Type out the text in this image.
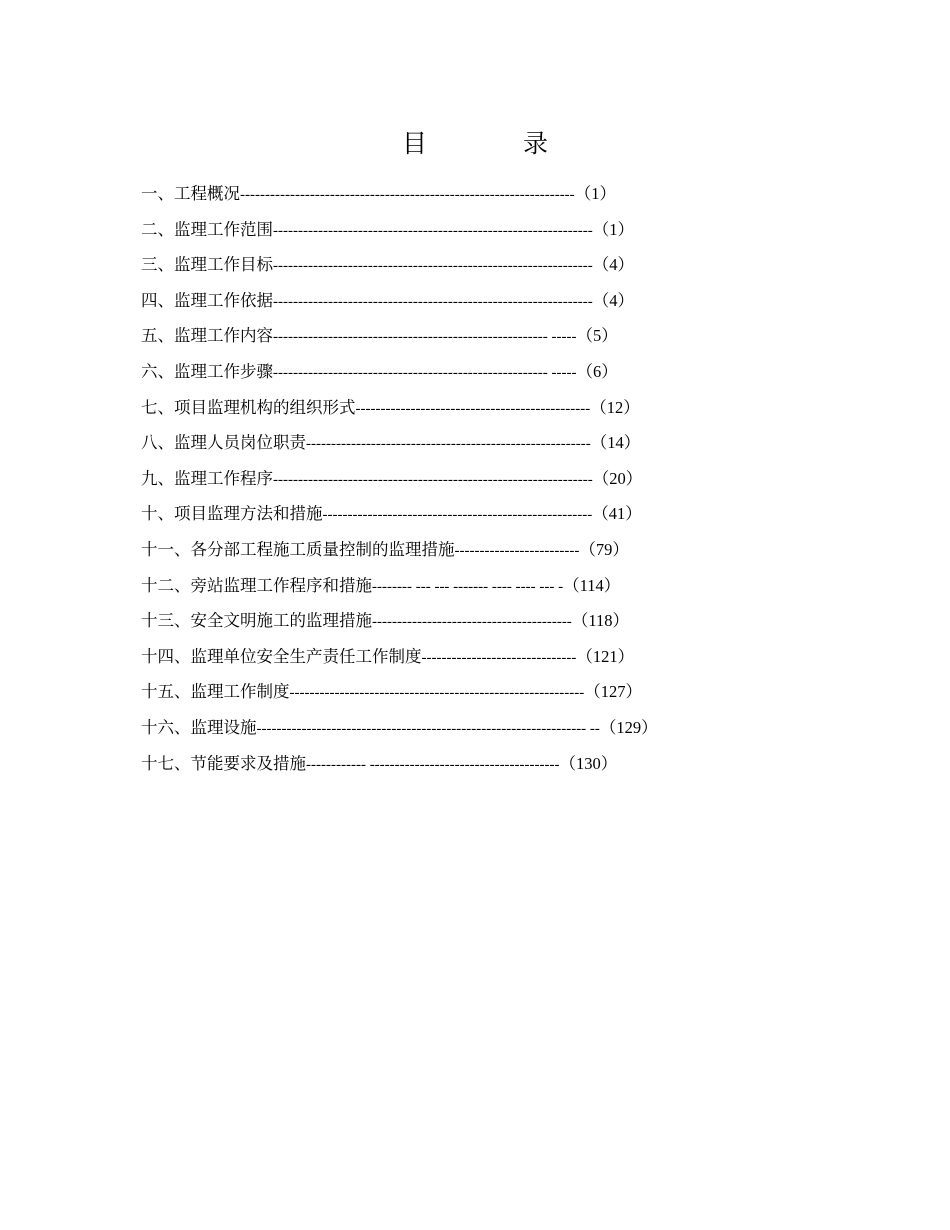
目	录
一、工程概况-------------------------------------------------------------------（1）
二、监理工作范围----------------------------------------------------------------（1）
三、监理工作目标----------------------------------------------------------------（4）
四、监理工作依据----------------------------------------------------------------（4）
五、监理工作内容------------------------------------------------------- -----（5）
六、监理工作步骤------------------------------------------------------- -----（6）
七、项目监理机构的组织形式-----------------------------------------------（12）
八、监理人员岗位职责---------------------------------------------------------（14）
九、监理工作程序----------------------------------------------------------------（20）
十、项目监理方法和措施------------------------------------------------------（41）
十一、各分部工程施工质量控制的监理措施-------------------------（79）
十二、旁站监理工作程序和措施-------- --- --- ------- ---- ---- --- -（114）
十三、安全文明施工的监理措施----------------------------------------（118）
十四、监理单位安全生产责任工作制度-------------------------------（121）
十五、监理工作制度-----------------------------------------------------------（127）
十六、监理设施------------------------------------------------------------------ --（129）
十七、节能要求及措施------------ --------------------------------------（130）
